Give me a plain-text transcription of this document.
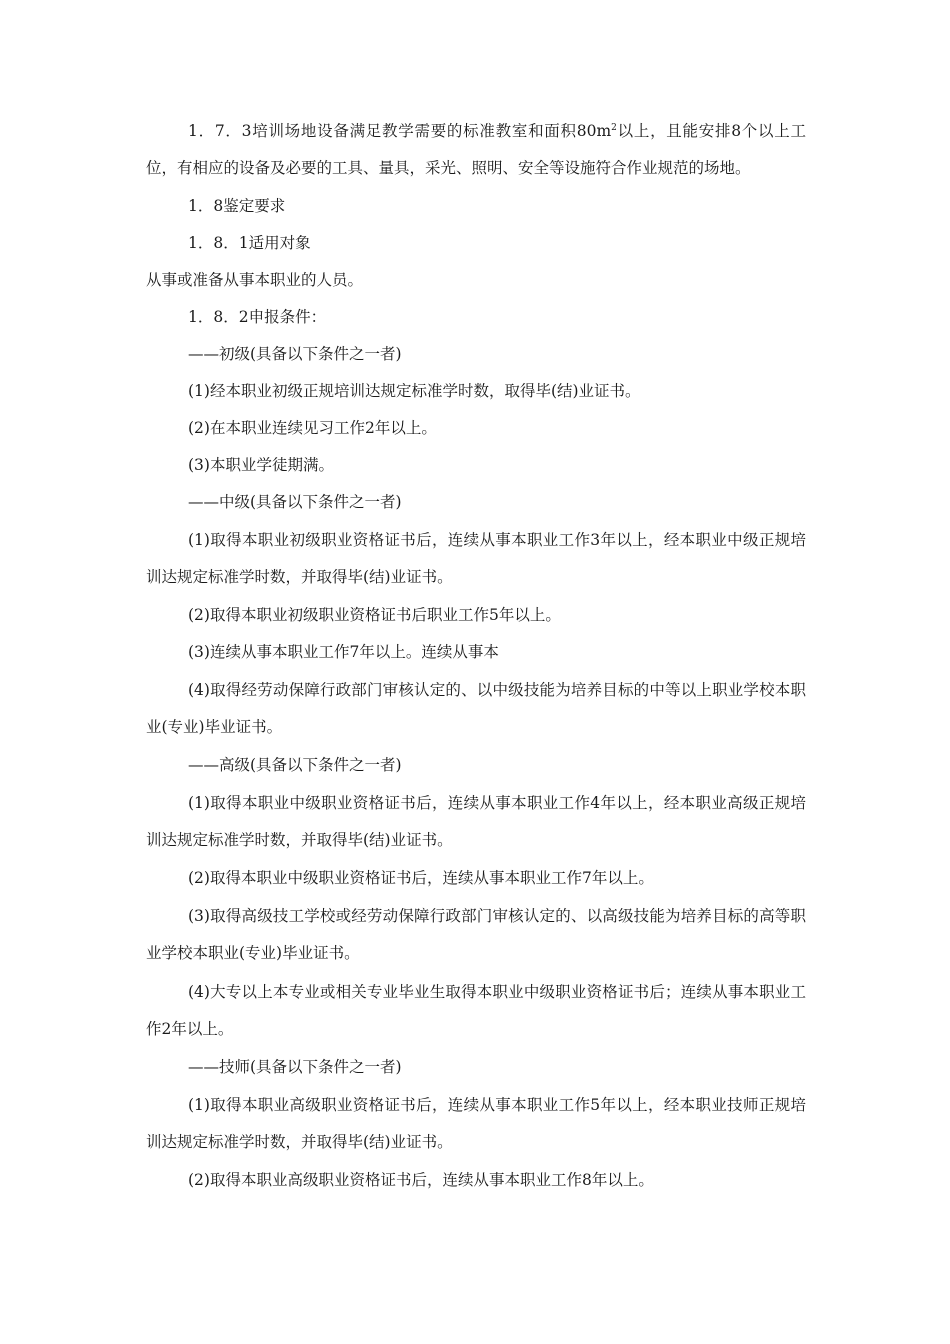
1．7．3培训场地设备满足教学需要的标准教室和面积$80m^2$以上，且能安排8个以上工位，有相应的设备及必要的工具、量具，采光、照明、安全等设施符合作业规范的场地。

1．8鉴定要求

1．8．1适用对象

从事或准备从事本职业的人员。

1．8．2申报条件：

——初级(具备以下条件之一者)

(1)经本职业初级正规培训达规定标准学时数，取得毕(结)业证书。

(2)在本职业连续见习工作2年以上。

(3)本职业学徒期满。

——中级(具备以下条件之一者)

(1)取得本职业初级职业资格证书后，连续从事本职业工作3年以上，经本职业中级正规培训达规定标准学时数，并取得毕(结)业证书。

(2)取得本职业初级职业资格证书后职业工作5年以上。

(3)连续从事本职业工作7年以上。连续从事本

(4)取得经劳动保障行政部门审核认定的、以中级技能为培养目标的中等以上职业学校本职业(专业)毕业证书。

——高级(具备以下条件之一者)

(1)取得本职业中级职业资格证书后，连续从事本职业工作4年以上，经本职业高级正规培训达规定标准学时数，并取得毕(结)业证书。

(2)取得本职业中级职业资格证书后，连续从事本职业工作7年以上。

(3)取得高级技工学校或经劳动保障行政部门审核认定的、以高级技能为培养目标的高等职业学校本职业(专业)毕业证书。

(4)大专以上本专业或相关专业毕业生取得本职业中级职业资格证书后；连续从事本职业工作2年以上。

——技师(具备以下条件之一者)

(1)取得本职业高级职业资格证书后，连续从事本职业工作5年以上，经本职业技师正规培训达规定标准学时数，并取得毕(结)业证书。

(2)取得本职业高级职业资格证书后，连续从事本职业工作8年以上。
